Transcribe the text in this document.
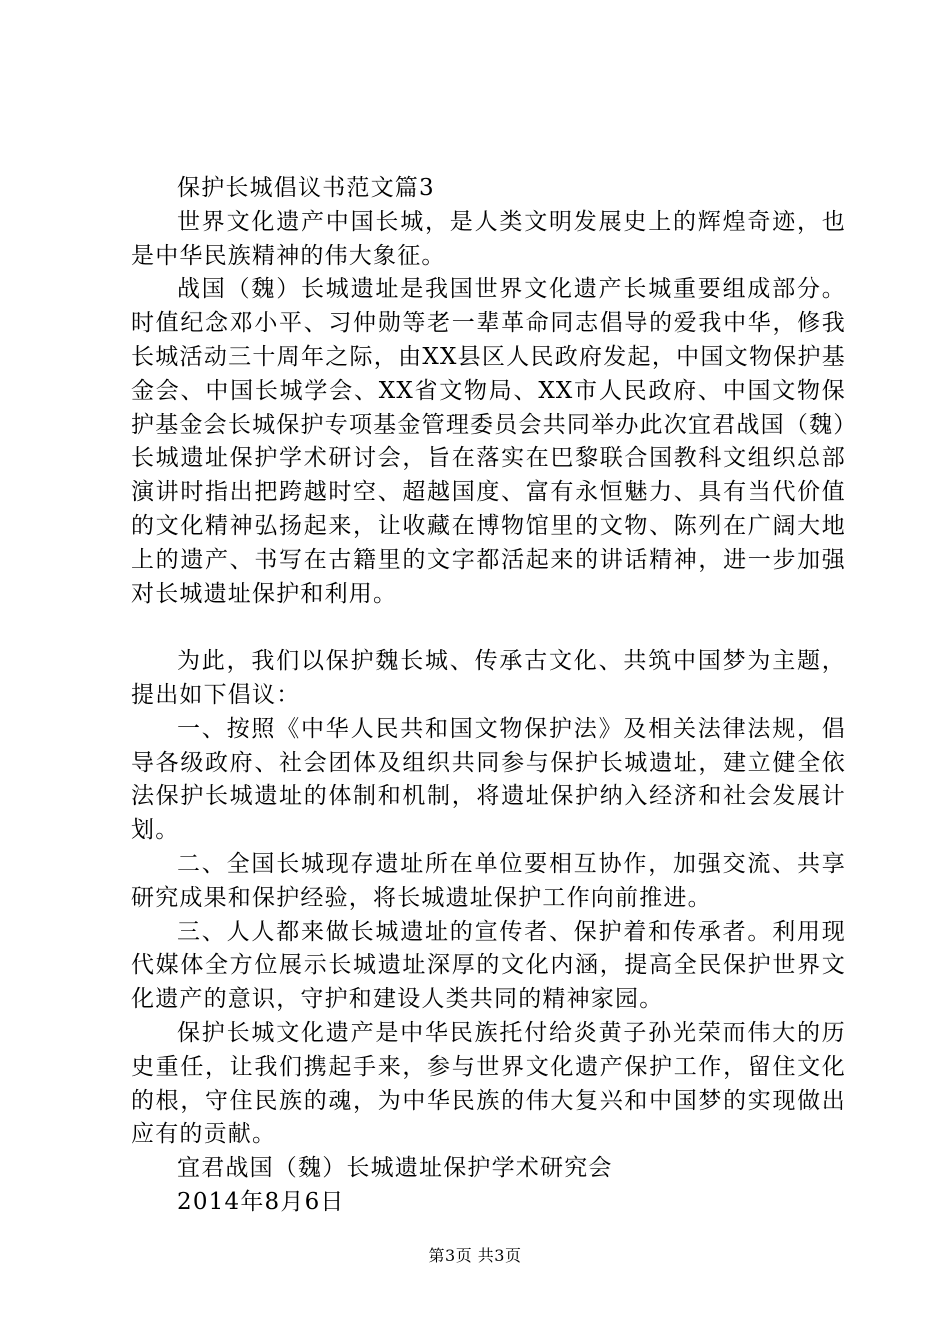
保护长城倡议书范文篇3

世界文化遗产中国长城，是人类文明发展史上的辉煌奇迹，也是中华民族精神的伟大象征。

战国（魏）长城遗址是我国世界文化遗产长城重要组成部分。时值纪念邓小平、习仲勋等老一辈革命同志倡导的爱我中华，修我长城活动三十周年之际，由XX县区人民政府发起，中国文物保护基金会、中国长城学会、XX省文物局、XX市人民政府、中国文物保护基金会长城保护专项基金管理委员会共同举办此次宜君战国（魏）长城遗址保护学术研讨会，旨在落实在巴黎联合国教科文组织总部演讲时指出把跨越时空、超越国度、富有永恒魅力、具有当代价值的文化精神弘扬起来，让收藏在博物馆里的文物、陈列在广阔大地上的遗产、书写在古籍里的文字都活起来的讲话精神，进一步加强对长城遗址保护和利用。

为此，我们以保护魏长城、传承古文化、共筑中国梦为主题，提出如下倡议：

一、按照《中华人民共和国文物保护法》及相关法律法规，倡导各级政府、社会团体及组织共同参与保护长城遗址，建立健全依法保护长城遗址的体制和机制，将遗址保护纳入经济和社会发展计划。

二、全国长城现存遗址所在单位要相互协作，加强交流、共享研究成果和保护经验，将长城遗址保护工作向前推进。

三、人人都来做长城遗址的宣传者、保护着和传承者。利用现代媒体全方位展示长城遗址深厚的文化内涵，提高全民保护世界文化遗产的意识，守护和建设人类共同的精神家园。

保护长城文化遗产是中华民族托付给炎黄子孙光荣而伟大的历史重任，让我们携起手来，参与世界文化遗产保护工作，留住文化的根，守住民族的魂，为中华民族的伟大复兴和中国梦的实现做出应有的贡献。

宜君战国（魏）长城遗址保护学术研究会

2014年8月6日

第3页 共3页
